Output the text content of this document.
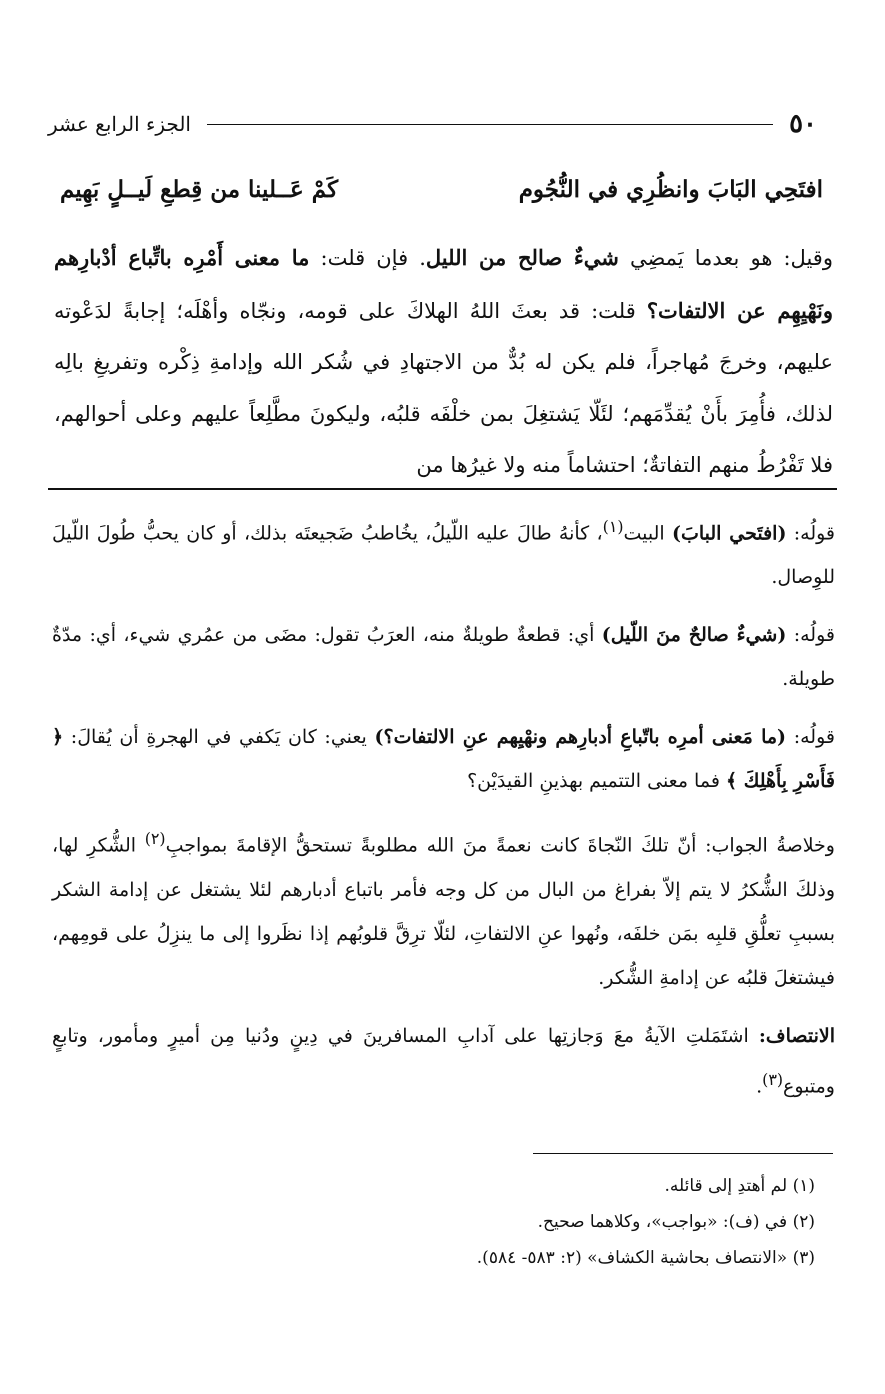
٥٠
الجزء الرابع عشر
افتَحِي البَابَ وانظُرِي في النُّجُوم
كَمْ عَــلينا من قِطعِ لَيــلٍ بَهِيم

وقيل: هو بعدما يَمضِي شيءٌ صالح من الليل. فإن قلت: ما معنى أَمْرِه باتِّباع أدْبارِهم ونَهْيِهِم عن الالتفات؟ قلت: قد بعثَ اللهُ الهلاكَ على قومه، ونجّاه وأهْلَه؛ إجابةً لدَعْوته عليهم، وخرجَ مُهاجراً، فلم يكن له بُدٌّ من الاجتهادِ في شُكر الله وإدامةِ ذِكْره وتفريغِ بالِه لذلك، فأُمِرَ بأَنْ يُقدِّمَهم؛ لئَلّا يَشتغِلَ بمن خلْفَه قلبُه، وليكونَ مطَّلِعاً عليهم وعلى أحوالهم، فلا تَفْرُطُ منهم التفاتةٌ؛ احتشاماً منه ولا غيرُها من

قولُه: (افتَحي البابَ) البيت$^{(١)}$، كأنهُ طالَ عليه اللّيلُ، يخُاطبُ ضَجيعتَه بذلك، أو كان يحبُّ طُولَ اللّيلَ للوِصال.

قولُه: (شيءٌ صالحٌ منَ اللّيل) أي: قطعةٌ طويلةٌ منه، العرَبُ تقول: مضَى من عمُري شيء، أي: مدّةٌ طويلة.

قولُه: (ما مَعنى أمرِه باتّباعِ أدبارِهم ونهْيِهم عنِ الالتفات؟) يعني: كان يَكفي في الهجرةِ أن يُقالَ: ﴿ فَأَسْرِ بِأَهْلِكَ ﴾ فما معنى التتميم بهذينِ القيدَيْن؟

وخلاصةُ الجواب: أنّ تلكَ النّجاةَ كانت نعمةً منَ الله مطلوبةً تستحقُّ الإقامةَ بمواجبِ$^{(٢)}$ الشُّكرِ لها، وذلكَ الشُّكرُ لا يتم إلاّ بفراغ من البال من كل وجه فأمر باتباع أدبارهم لئلا يشتغل عن إدامة الشكر بسببِ تعلُّقِ قلبِه بمَن خلفَه، ونُهوا عنِ الالتفاتِ، لئلّا ترِقَّ قلوبُهم إذا نظَروا إلى ما ينزِلُ على قومِهم، فيشتغلَ قلبُه عن إدامةِ الشُّكر.

الانتصاف: اشتَمَلتِ الآيةُ معَ وَجازتِها على آدابِ المسافرينَ في دِينٍ ودُنيا مِن أميرٍ ومأمور، وتابعٍ ومتبوع$^{(٣)}$.

(١) لم أهتدِ إلى قائله.
(٢) في (ف): «بواجب»، وكلاهما صحيح.
(٣) «الانتصاف بحاشية الكشاف» (٢: ٥٨٣- ٥٨٤).
